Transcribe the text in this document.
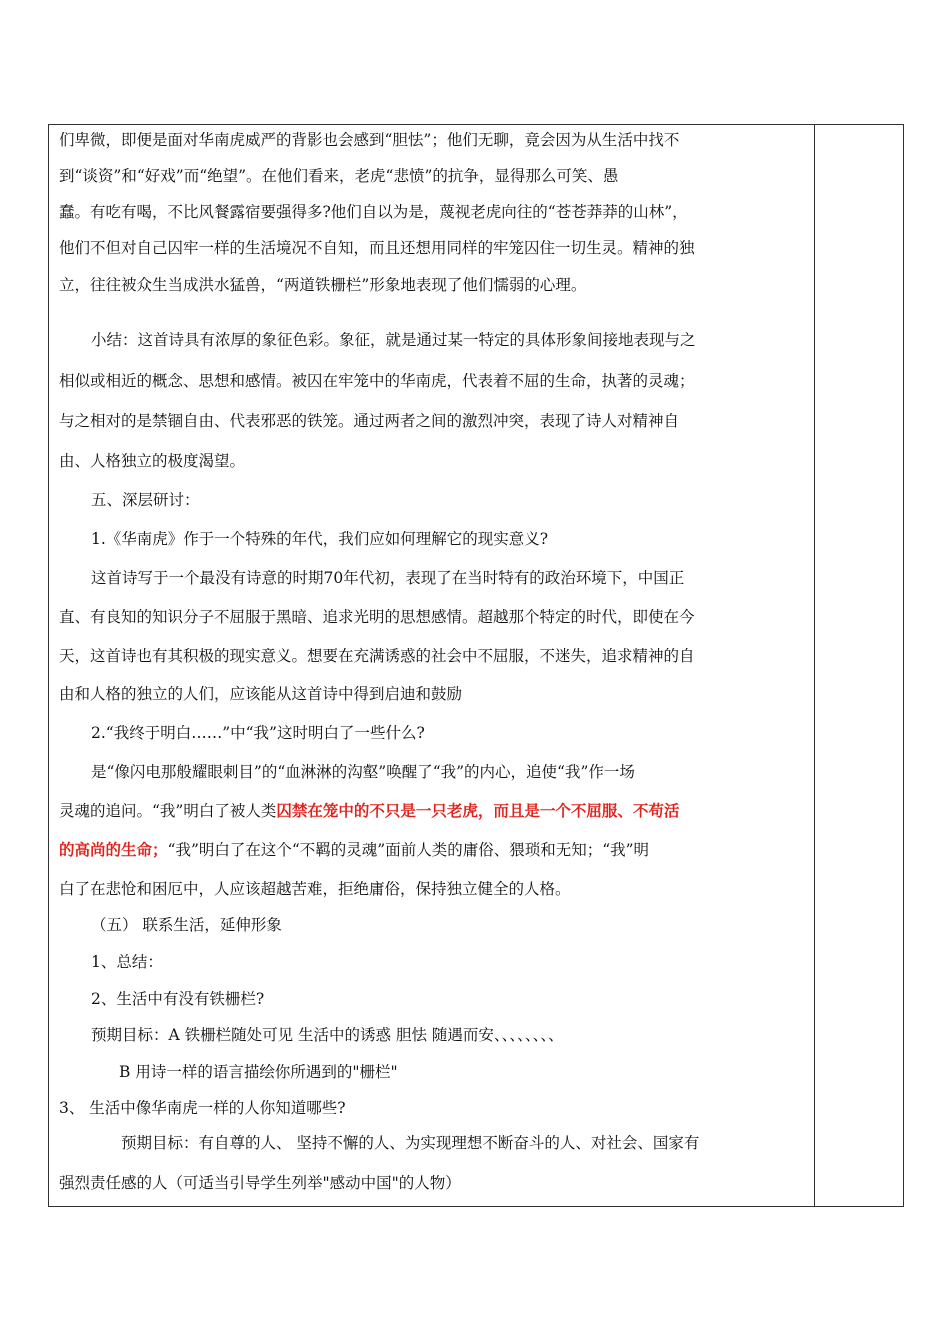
们卑微，即便是面对华南虎威严的背影也会感到“胆怯”；他们无聊，竟会因为从生活中找不
到“谈资”和“好戏”而“绝望”。在他们看来，老虎“悲愤”的抗争，显得那么可笑、愚
蠢。有吃有喝，不比风餐露宿要强得多?他们自以为是，蔑视老虎向往的“苍苍莽莽的山林”，
他们不但对自己囚牢一样的生活境况不自知，而且还想用同样的牢笼囚住一切生灵。精神的独
立，往往被众生当成洪水猛兽，“两道铁栅栏”形象地表现了他们懦弱的心理。
小结：这首诗具有浓厚的象征色彩。象征，就是通过某一特定的具体形象间接地表现与之
相似或相近的概念、思想和感情。被囚在牢笼中的华南虎，代表着不屈的生命，执著的灵魂；
与之相对的是禁锢自由、代表邪恶的铁笼。通过两者之间的激烈冲突，表现了诗人对精神自
由、人格独立的极度渴望。
五、深层研讨：
1.《华南虎》作于一个特殊的年代，我们应如何理解它的现实意义?
这首诗写于一个最没有诗意的时期70年代初，表现了在当时特有的政治环境下，中国正
直、有良知的知识分子不屈服于黑暗、追求光明的思想感情。超越那个特定的时代，即使在今
天，这首诗也有其积极的现实意义。想要在充满诱惑的社会中不屈服，不迷失，追求精神的自
由和人格的独立的人们，应该能从这首诗中得到启迪和鼓励
2.“我终于明白……”中“我”这时明白了一些什么?
是“像闪电那般耀眼刺目”的“血淋淋的沟壑”唤醒了“我”的内心，追使“我”作一场
灵魂的追问。“我”明白了被人类囚禁在笼中的不只是一只老虎，而且是一个不屈服、不苟活
的高尚的生命；“我”明白了在这个“不羁的灵魂”面前人类的庸俗、猥琐和无知；“我”明
白了在悲怆和困厄中，人应该超越苦难，拒绝庸俗，保持独立健全的人格。
（五） 联系生活，延伸形象
1、总结：
2、生活中有没有铁栅栏?
预期目标：A 铁栅栏随处可见 生活中的诱惑 胆怯 随遇而安、、、、、、、、
B 用诗一样的语言描绘你所遇到的"栅栏"
3、 生活中像华南虎一样的人你知道哪些?
预期目标：有自尊的人、 坚持不懈的人、为实现理想不断奋斗的人、对社会、国家有
强烈责任感的人（可适当引导学生列举"感动中国"的人物）
